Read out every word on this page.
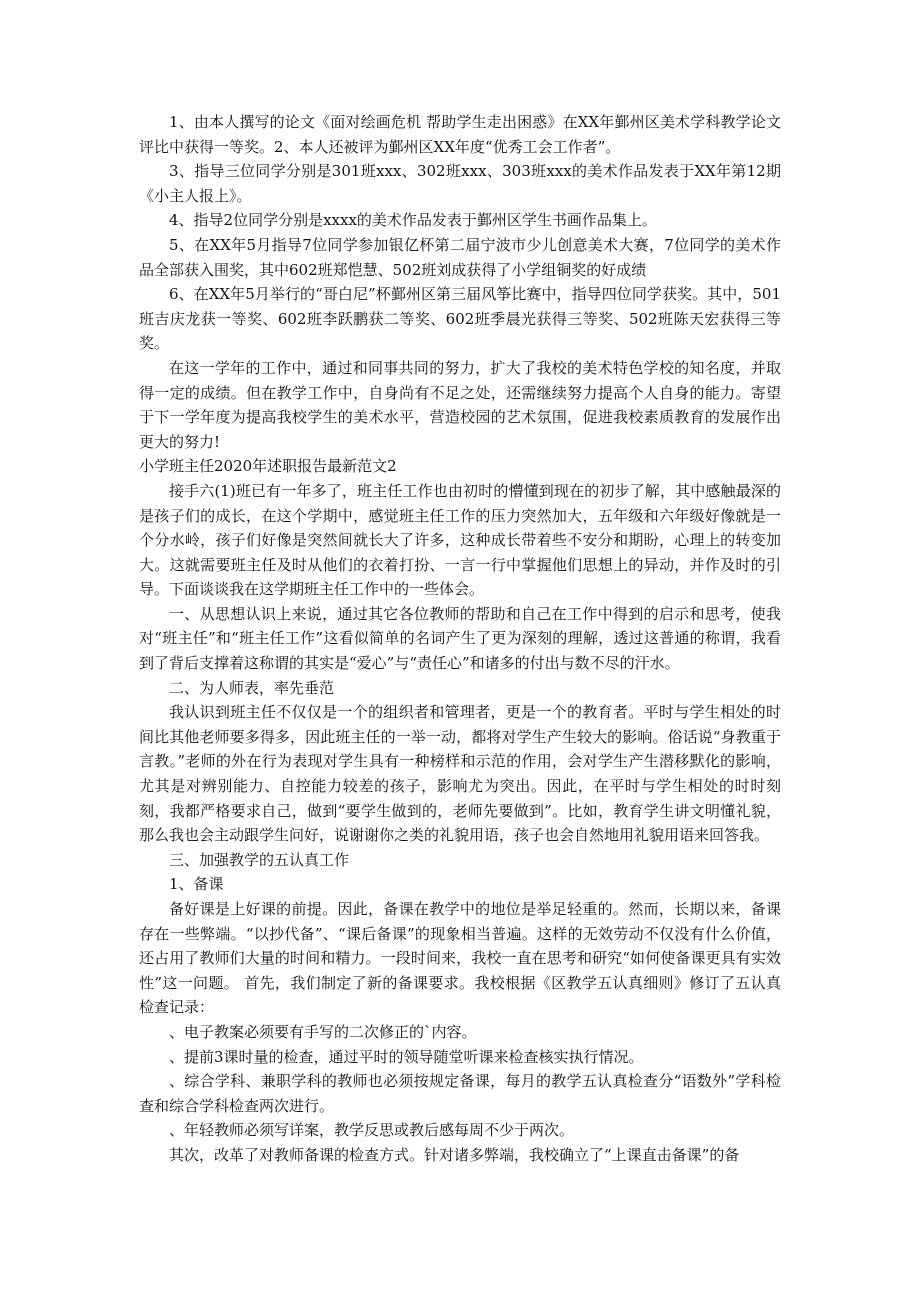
1、由本人撰写的论文《面对绘画危机 帮助学生走出困惑》在XX年鄞州区美术学科教学论文评比中获得一等奖。2、本人还被评为鄞州区XX年度“优秀工会工作者”。

3、指导三位同学分别是301班xxx、302班xxx、303班xxx的美术作品发表于XX年第12期《小主人报上》。

4、指导2位同学分别是xxxx的美术作品发表于鄞州区学生书画作品集上。

5、在XX年5月指导7位同学参加银亿杯第二届宁波市少儿创意美术大赛，7位同学的美术作品全部获入围奖，其中602班郑恺慧、502班刘成获得了小学组铜奖的好成绩

6、在XX年5月举行的“哥白尼”杯鄞州区第三届风筝比赛中，指导四位同学获奖。其中，501班吉庆龙获一等奖、602班李跃鹏获二等奖、602班季晨光获得三等奖、502班陈天宏获得三等奖。

在这一学年的工作中，通过和同事共同的努力，扩大了我校的美术特色学校的知名度，并取得一定的成绩。但在教学工作中，自身尚有不足之处，还需继续努力提高个人自身的能力。寄望于下一学年度为提高我校学生的美术水平，营造校园的艺术氛围，促进我校素质教育的发展作出更大的努力!

小学班主任2020年述职报告最新范文2

接手六(1)班已有一年多了，班主任工作也由初时的懵懂到现在的初步了解，其中感触最深的是孩子们的成长，在这个学期中，感觉班主任工作的压力突然加大，五年级和六年级好像就是一个分水岭，孩子们好像是突然间就长大了许多，这种成长带着些不安分和期盼，心理上的转变加大。这就需要班主任及时从他们的衣着打扮、一言一行中掌握他们思想上的异动，并作及时的引导。下面谈谈我在这学期班主任工作中的一些体会。

一、从思想认识上来说，通过其它各位教师的帮助和自己在工作中得到的启示和思考，使我对“班主任”和“班主任工作”这看似简单的名词产生了更为深刻的理解，透过这普通的称谓，我看到了背后支撑着这称谓的其实是“爱心”与“责任心”和诸多的付出与数不尽的汗水。

二、为人师表，率先垂范

我认识到班主任不仅仅是一个的组织者和管理者，更是一个的教育者。平时与学生相处的时间比其他老师要多得多，因此班主任的一举一动，都将对学生产生较大的影响。俗话说“身教重于言教。”老师的外在行为表现对学生具有一种榜样和示范的作用，会对学生产生潜移默化的影响，尤其是对辨别能力、自控能力较差的孩子，影响尤为突出。因此，在平时与学生相处的时时刻刻，我都严格要求自己，做到“要学生做到的，老师先要做到”。比如，教育学生讲文明懂礼貌，那么我也会主动跟学生问好，说谢谢你之类的礼貌用语，孩子也会自然地用礼貌用语来回答我。

三、加强教学的五认真工作

1、备课

备好课是上好课的前提。因此，备课在教学中的地位是举足轻重的。然而，长期以来，备课存在一些弊端。“以抄代备”、“课后备课”的现象相当普遍。这样的无效劳动不仅没有什么价值，还占用了教师们大量的时间和精力。一段时间来，我校一直在思考和研究“如何使备课更具有实效性”这一问题。 首先，我们制定了新的备课要求。我校根据《区教学五认真细则》修订了五认真检查记录：

、电子教案必须要有手写的二次修正的`内容。

、提前3课时量的检查，通过平时的领导随堂听课来检查核实执行情况。

、综合学科、兼职学科的教师也必须按规定备课，每月的教学五认真检查分“语数外”学科检查和综合学科检查两次进行。

、年轻教师必须写详案，教学反思或教后感每周不少于两次。

其次，改革了对教师备课的检查方式。针对诸多弊端，我校确立了“上课直击备课”的备
